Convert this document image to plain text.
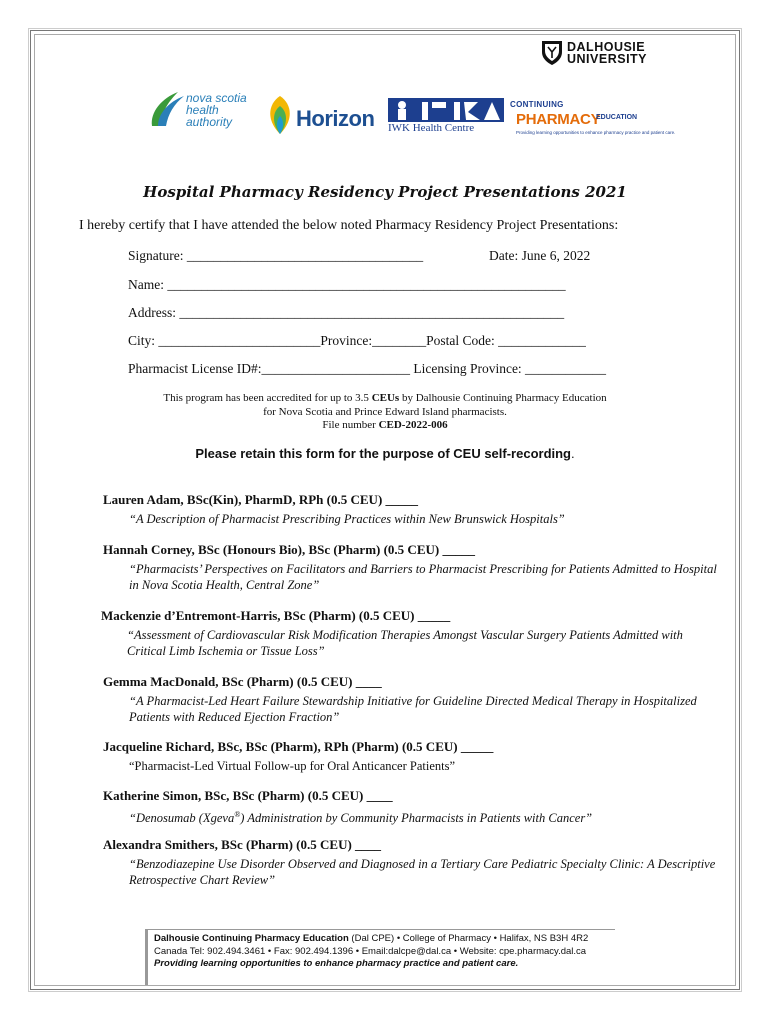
DALHOUSIE
UNIVERSITY
nova scotia
health authority	Horizon IWK Health Centre
CONTINUING
PHARMACY
EDUCATION
Providing learning opportunities to enhance pharmacy practice and patient care.
Hospital Pharmacy Residency Project Presentations 2021
I hereby certify that I have attended the below noted Pharmacy Residency Project Presentations:
Signature: ___________________________________	Date: June 6, 2022
Name: ___________________________________________________________
Address: _________________________________________________________
City: ________________________Province:________Postal Code: _____________
Pharmacist License ID#:______________________ Licensing Province: ____________
This program has been accredited for up to 3.5 CEUs by Dalhousie Continuing Pharmacy Education
for Nova Scotia and Prince Edward Island pharmacists.
File number CED-2022-006
Please retain this form for the purpose of CEU self-recording.
Lauren Adam, BSc(Kin), PharmD, RPh (0.5 CEU) _____
“A Description of Pharmacist Prescribing Practices within New Brunswick Hospitals”
Hannah Corney, BSc (Honours Bio), BSc (Pharm) (0.5 CEU) _____
“Pharmacists’ Perspectives on Facilitators and Barriers to Pharmacist Prescribing for Patients Admitted to Hospital in Nova Scotia Health, Central Zone”
Mackenzie d’Entremont-Harris, BSc (Pharm) (0.5 CEU) _____
“Assessment of Cardiovascular Risk Modification Therapies Amongst Vascular Surgery Patients Admitted with Critical Limb Ischemia or Tissue Loss”
Gemma MacDonald, BSc (Pharm) (0.5 CEU) ____
“A Pharmacist-Led Heart Failure Stewardship Initiative for Guideline Directed Medical Therapy in Hospitalized Patients with Reduced Ejection Fraction”
Jacqueline Richard, BSc, BSc (Pharm), RPh (Pharm) (0.5 CEU) _____
“Pharmacist-Led Virtual Follow-up for Oral Anticancer Patients”
Katherine Simon, BSc, BSc (Pharm) (0.5 CEU) ____
“Denosumab (Xgeva®) Administration by Community Pharmacists in Patients with Cancer”
Alexandra Smithers, BSc (Pharm) (0.5 CEU) ____
“Benzodiazepine Use Disorder Observed and Diagnosed in a Tertiary Care Pediatric Specialty Clinic: A Descriptive Retrospective Chart Review”
Dalhousie Continuing Pharmacy Education (Dal CPE) • College of Pharmacy • Halifax, NS B3H 4R2
Canada Tel: 902.494.3461 • Fax: 902.494.1396 • Email:dalcpe@dal.ca • Website: cpe.pharmacy.dal.ca
Providing learning opportunities to enhance pharmacy practice and patient care.
